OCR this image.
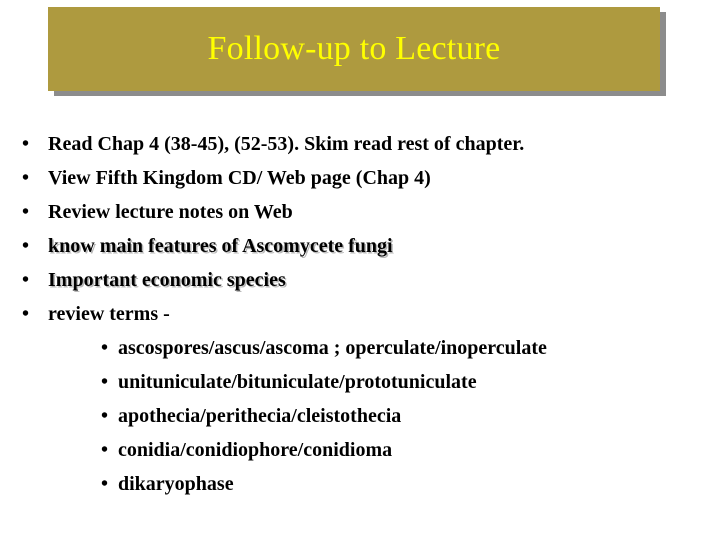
Follow-up to Lecture
• Read Chap 4 (38-45), (52-53). Skim read rest of chapter.
• View Fifth Kingdom CD/ Web page (Chap 4)
• Review lecture notes on Web
• know main features of Ascomycete fungi
• Important economic species
• review terms -
• ascospores/ascus/ascoma ; operculate/inoperculate
• unituniculate/bituniculate/prototuniculate
• apothecia/perithecia/cleistothecia
• conidia/conidiophore/conidioma
• dikaryophase
